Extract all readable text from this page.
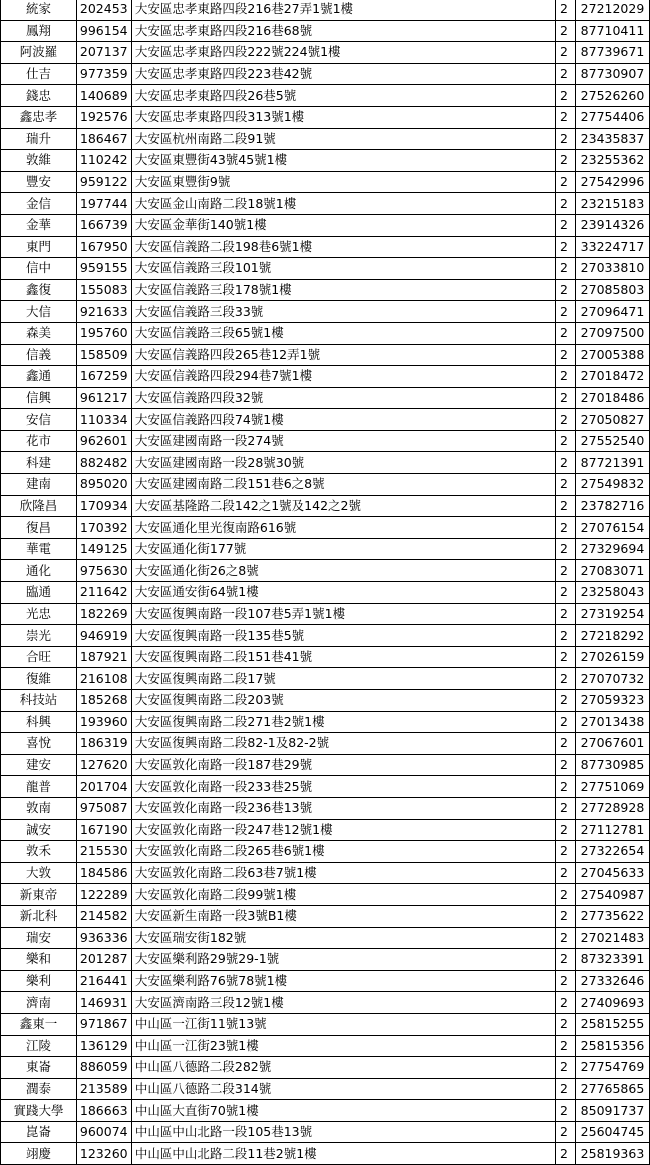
統家	202453	大安區忠孝東路四段216巷27弄1號1樓	2	27212029
鳳翔	996154	大安區忠孝東路四段216巷68號	2	87710411
阿波羅	207137	大安區忠孝東路四段222號224號1樓	2	87739671
仕吉	977359	大安區忠孝東路四段223巷42號	2	87730907
錢忠	140689	大安區忠孝東路四段26巷5號	2	27526260
鑫忠孝	192576	大安區忠孝東路四段313號1樓	2	27754406
瑞升	186467	大安區杭州南路二段91號	2	23435837
敦維	110242	大安區東豐街43號45號1樓	2	23255362
豐安	959122	大安區東豐街9號	2	27542996
金信	197744	大安區金山南路二段18號1樓	2	23215183
金華	166739	大安區金華街140號1樓	2	23914326
東門	167950	大安區信義路二段198巷6號1樓	2	33224717
信中	959155	大安區信義路三段101號	2	27033810
鑫復	155083	大安區信義路三段178號1樓	2	27085803
大信	921633	大安區信義路三段33號	2	27096471
森美	195760	大安區信義路三段65號1樓	2	27097500
信義	158509	大安區信義路四段265巷12弄1號	2	27005388
鑫通	167259	大安區信義路四段294巷7號1樓	2	27018472
信興	961217	大安區信義路四段32號	2	27018486
安信	110334	大安區信義路四段74號1樓	2	27050827
花市	962601	大安區建國南路一段274號	2	27552540
科建	882482	大安區建國南路一段28號30號	2	87721391
建南	895020	大安區建國南路二段151巷6之8號	2	27549832
欣隆昌	170934	大安區基隆路二段142之1號及142之2號	2	23782716
復昌	170392	大安區通化里光復南路616號	2	27076154
華電	149125	大安區通化街177號	2	27329694
通化	975630	大安區通化街26之8號	2	27083071
臨通	211642	大安區通安街64號1樓	2	23258043
光忠	182269	大安區復興南路一段107巷5弄1號1樓	2	27319254
崇光	946919	大安區復興南路一段135巷5號	2	27218292
合旺	187921	大安區復興南路二段151巷41號	2	27026159
復維	216108	大安區復興南路二段17號	2	27070732
科技站	185268	大安區復興南路二段203號	2	27059323
科興	193960	大安區復興南路二段271巷2號1樓	2	27013438
喜悅	186319	大安區復興南路二段82-1及82-2號	2	27067601
建安	127620	大安區敦化南路一段187巷29號	2	87730985
龍普	201704	大安區敦化南路一段233巷25號	2	27751069
敦南	975087	大安區敦化南路一段236巷13號	2	27728928
誠安	167190	大安區敦化南路一段247巷12號1樓	2	27112781
敦禾	215530	大安區敦化南路二段265巷6號1樓	2	27322654
大敦	184586	大安區敦化南路二段63巷7號1樓	2	27045633
新東帝	122289	大安區敦化南路二段99號1樓	2	27540987
新北科	214582	大安區新生南路一段3號B1樓	2	27735622
瑞安	936336	大安區瑞安街182號	2	27021483
樂和	201287	大安區樂利路29號29-1號	2	87323391
樂利	216441	大安區樂利路76號78號1樓	2	27332646
濟南	146931	大安區濟南路三段12號1樓	2	27409693
鑫東一	971867	中山區一江街11號13號	2	25815255
江陵	136129	中山區一江街23號1樓	2	25815356
東崙	886059	中山區八德路二段282號	2	27754769
潤泰	213589	中山區八德路二段314號	2	27765865
實踐大學	186663	中山區大直街70號1樓	2	85091737
崑崙	960074	中山區中山北路一段105巷13號	2	25604745
翊慶	123260	中山區中山北路二段11巷2號1樓	2	25819363
